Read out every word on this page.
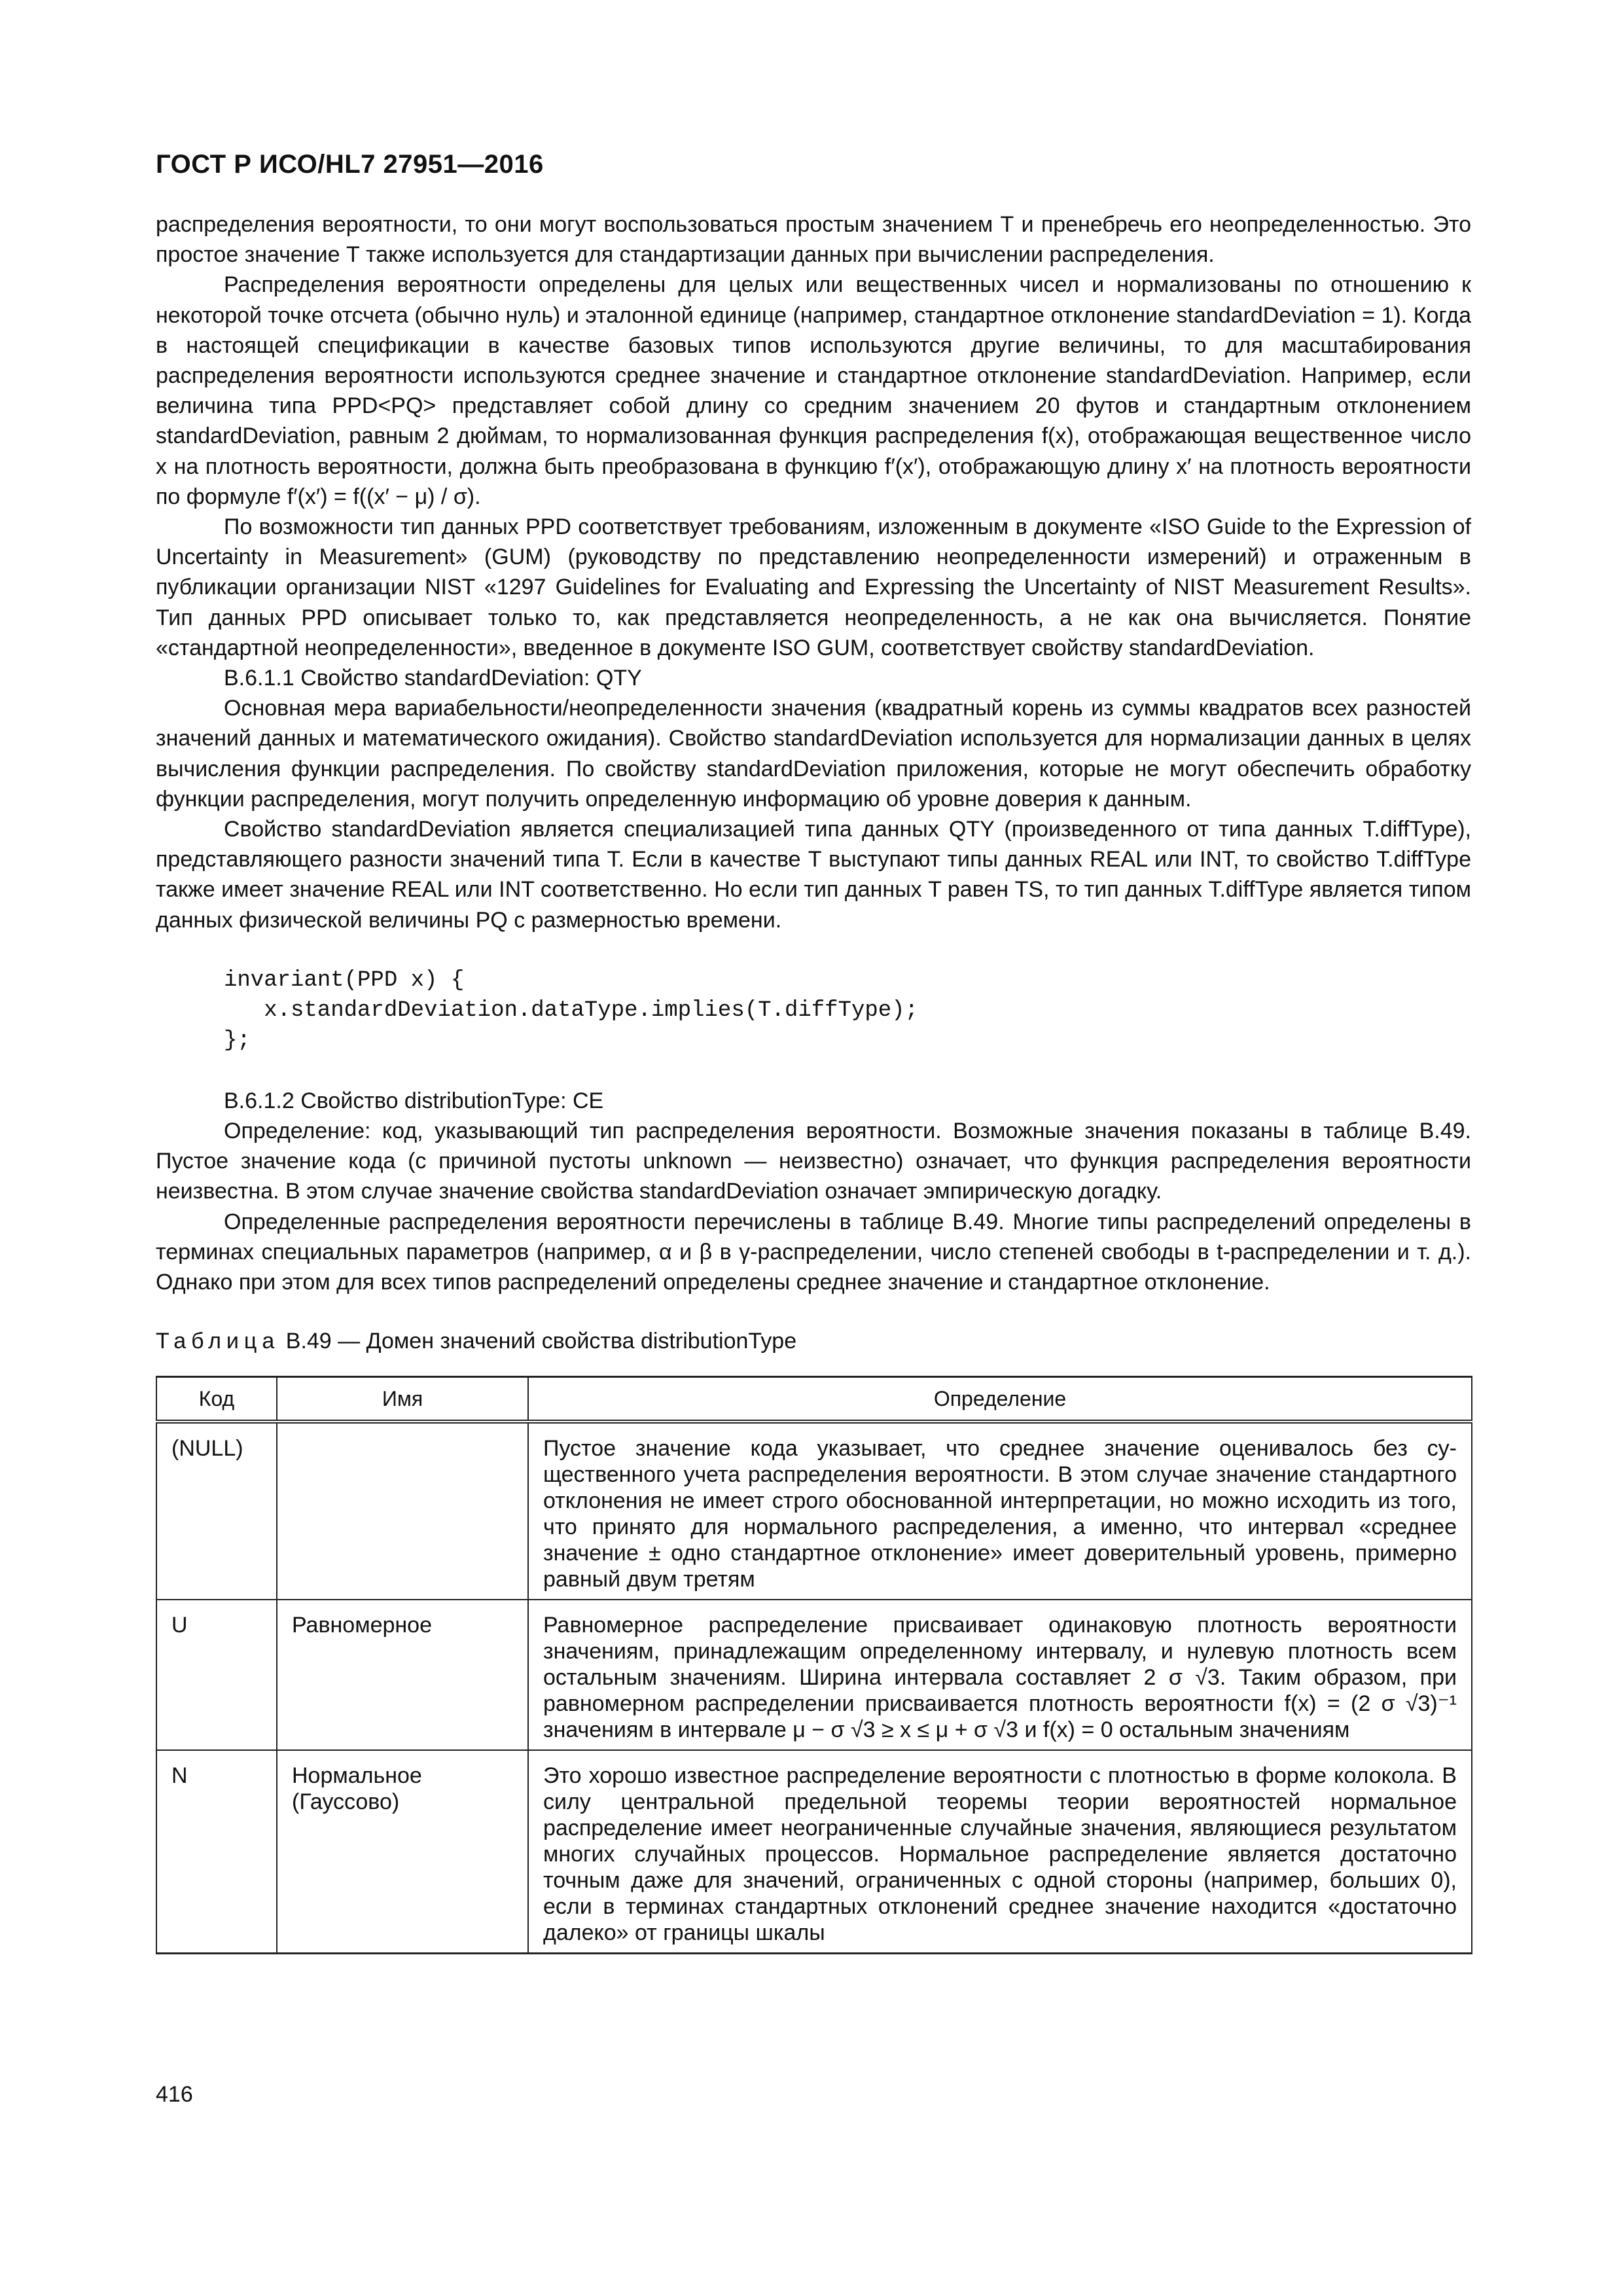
ГОСТ Р ИСО/HL7 27951—2016

распределения вероятности, то они могут воспользоваться простым значением Т и пренебречь его неопределенностью. Это простое значение Т также используется для стандартизации данных при вычислении распределения.

Распределения вероятности определены для целых или вещественных чисел и нормализованы по отношению к некоторой точке отсчета (обычно нуль) и эталонной единице (например, стандартное отклонение standardDeviation = 1). Когда в настоящей спецификации в качестве базовых типов используются другие величины, то для масштабирования распределения вероятности используются среднее значение и стандартное отклонение standardDeviation. Например, если величина типа PPD<PQ> представляет собой длину со средним значением 20 футов и стандартным отклонением standardDeviation, равным 2 дюймам, то нормализованная функция распределения f(x), отображающая вещественное число x на плотность вероятности, должна быть преобразована в функцию f′(x′), отображающую длину x′ на плотность вероятности по формуле f′(x′) = f((x′ − μ) / σ).

По возможности тип данных PPD соответствует требованиям, изложенным в документе «ISO Guide to the Expression of Uncertainty in Measurement» (GUM) (руководству по представлению неопределенности измерений) и отраженным в публикации организации NIST «1297 Guidelines for Evaluating and Expressing the Uncertainty of NIST Measurement Results». Тип данных PPD описывает только то, как представляется неопределенность, а не как она вычисляется. Понятие «стандартной неопределенности», введенное в документе ISO GUM, соответствует свойству standardDeviation.

В.6.1.1 Свойство standardDeviation: QTY

Основная мера вариабельности/неопределенности значения (квадратный корень из суммы квадратов всех разностей значений данных и математического ожидания). Свойство standardDeviation используется для нормализации данных в целях вычисления функции распределения. По свойству standardDeviation приложения, которые не могут обеспечить обработку функции распределения, могут получить определенную информацию об уровне доверия к данным.

Свойство standardDeviation является специализацией типа данных QTY (произведенного от типа данных T.diffType), представляющего разности значений типа T. Если в качестве T выступают типы данных REAL или INT, то свойство T.diffType также имеет значение REAL или INT соответственно. Но если тип данных T равен TS, то тип данных T.diffType является типом данных физической величины PQ с размерностью времени.

invariant(PPD x) {
x.standardDeviation.dataType.implies(T.diffType);
};

В.6.1.2 Свойство distributionType: CE

Определение: код, указывающий тип распределения вероятности. Возможные значения показаны в таблице В.49. Пустое значение кода (с причиной пустоты unknown — неизвестно) означает, что функция распределения вероятности неизвестна. В этом случае значение свойства standardDeviation означает эмпирическую догадку.

Определенные распределения вероятности перечислены в таблице В.49. Многие типы распределений определены в терминах специальных параметров (например, α и β в γ-распределении, число степеней свободы в t-распределении и т. д.). Однако при этом для всех типов распределений определены среднее значение и стандартное отклонение.

Таблица В.49 — Домен значений свойства distributionType
Код	Имя	Определение
(NULL)		Пустое значение кода указывает, что среднее значение оценивалось без существенного учета распределения вероятности. В этом случае значение стандартного отклонения не имеет строго обоснованной интерпретации, но можно исходить из того, что принято для нормального распределения, а именно, что интервал «среднее значение ± одно стандартное отклонение» имеет доверительный уровень, примерно равный двум третям
U	Равномерное	Равномерное распределение присваивает одинаковую плотность вероятности значениям, принадлежащим определенному интервалу, и нулевую плотность всем остальным значениям. Ширина интервала составляет 2 σ √3. Таким образом, при равномерном распределении присваивается плотность вероятности f(x) = (2 σ √3)⁻¹ значениям в интервале μ − σ √3 ≥ x ≤ μ + σ √3 и f(x) = 0 остальным значениям
N	Нормальное (Гауссово)	Это хорошо известное распределение вероятности с плотностью в форме колокола. В силу центральной предельной теоремы теории вероятностей нормальное распределение имеет неограниченные случайные значения, являющиеся результатом многих случайных процессов. Нормальное распределение является достаточно точным даже для значений, ограниченных с одной стороны (например, больших 0), если в терминах стандартных отклонений среднее значение находится «достаточно далеко» от границы шкалы
416
